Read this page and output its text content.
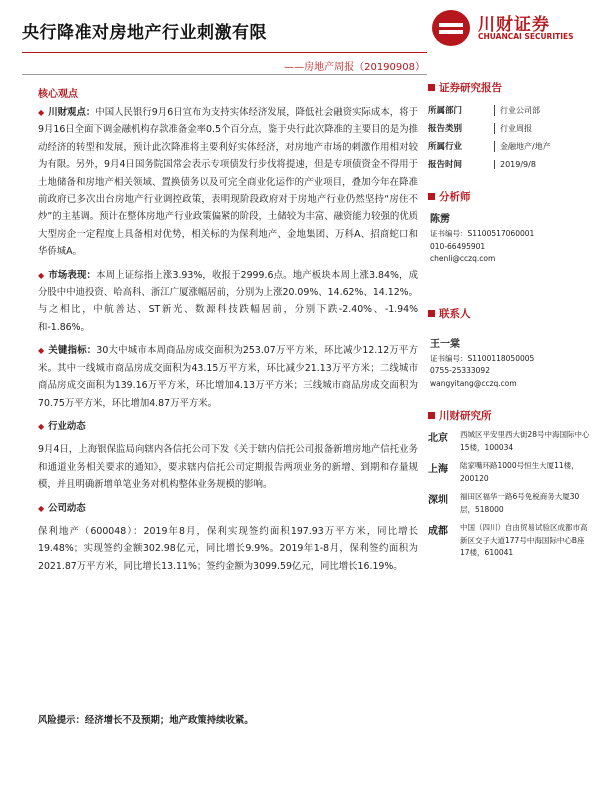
央行降准对房地产行业刺激有限	川财证券
CHUANCAI SECURITIES
——房地产周报（20190908）
核心观点
◆ 川财观点：中国人民银行9月6日宣布为支持实体经济发展，降低社会融资实际成本，将于9月16日全面下调金融机构存款准备金率0.5个百分点，鉴于央行此次降准的主要目的是为推动经济的转型和发展，预计此次降准将主要利好实体经济，对房地产市场的刺激作用相对较为有限。另外，9月4日国务院国常会表示专项债发行步伐将提速，但是专项债资金不得用于土地储备和房地产相关领域、置换债务以及可完全商业化运作的产业项目，叠加今年在降准前政府已多次出台房地产行业调控政策，表明现阶段政府对于房地产行业仍然坚持“房住不炒”的主基调。预计在整体房地产行业政策偏紧的阶段，土储较为丰富、融资能力较强的优质大型房企一定程度上具备相对优势，相关标的为保利地产、金地集团、万科A、招商蛇口和华侨城A。
◆ 市场表现：本周上证综指上涨3.93%，收报于2999.6点。地产板块本周上涨3.84%，成分股中中迪投资、哈高科、浙江广厦涨幅居前，分别为上涨20.09%、14.62%、14.12%。与之相比，中航善达、ST新光、数源科技跌幅居前，分别下跌-2.40%、-1.94%和-1.86%。
◆ 关键指标：30大中城市本周商品房成交面积为253.07万平方米，环比减少12.12万平方米。其中一线城市商品房成交面积为43.15万平方米，环比减少21.13万平方米；二线城市商品房成交面积为139.16万平方米，环比增加4.13万平方米；三线城市商品房成交面积为70.75万平方米，环比增加4.87万平方米。
◆ 行业动态
9月4日，上海银保监局向辖内各信托公司下发《关于辖内信托公司报备新增房地产信托业务和通道业务相关要求的通知》，要求辖内信托公司定期报告两项业务的新增、到期和存量规模，并且明确新增单笔业务对机构整体业务规模的影响。
◆ 公司动态
保利地产（600048）：2019年8月，保利实现签约面积197.93万平方米，同比增长19.48%；实现签约金额302.98亿元，同比增长9.9%。2019年1-8月，保利签约面积为2021.87万平方米，同比增长13.11%；签约金额为3099.59亿元，同比增长16.19%。
风险提示：经济增长不及预期；地产政策持续收紧。
证券研究报告
所属部门	行业公司部
报告类别	行业周报
所属行业	金融地产/地产
报告时间	2019/9/8
分析师
陈雳
证书编号：S1100517060001
010-66495901
chenli@cczq.com
联系人
王一棠
证书编号：S1100118050005
0755-25333092
wangyitang@cczq.com
川财研究所
北京	西城区平安里西大街28号中海国际中心15楼，100034
上海	陆家嘴环路1000号恒生大厦11楼，200120
深圳	福田区福华一路6号免税商务大厦30层，518000
成都	中国（四川）自由贸易试验区成都市高新区交子大道177号中海国际中心B座17楼，610041
